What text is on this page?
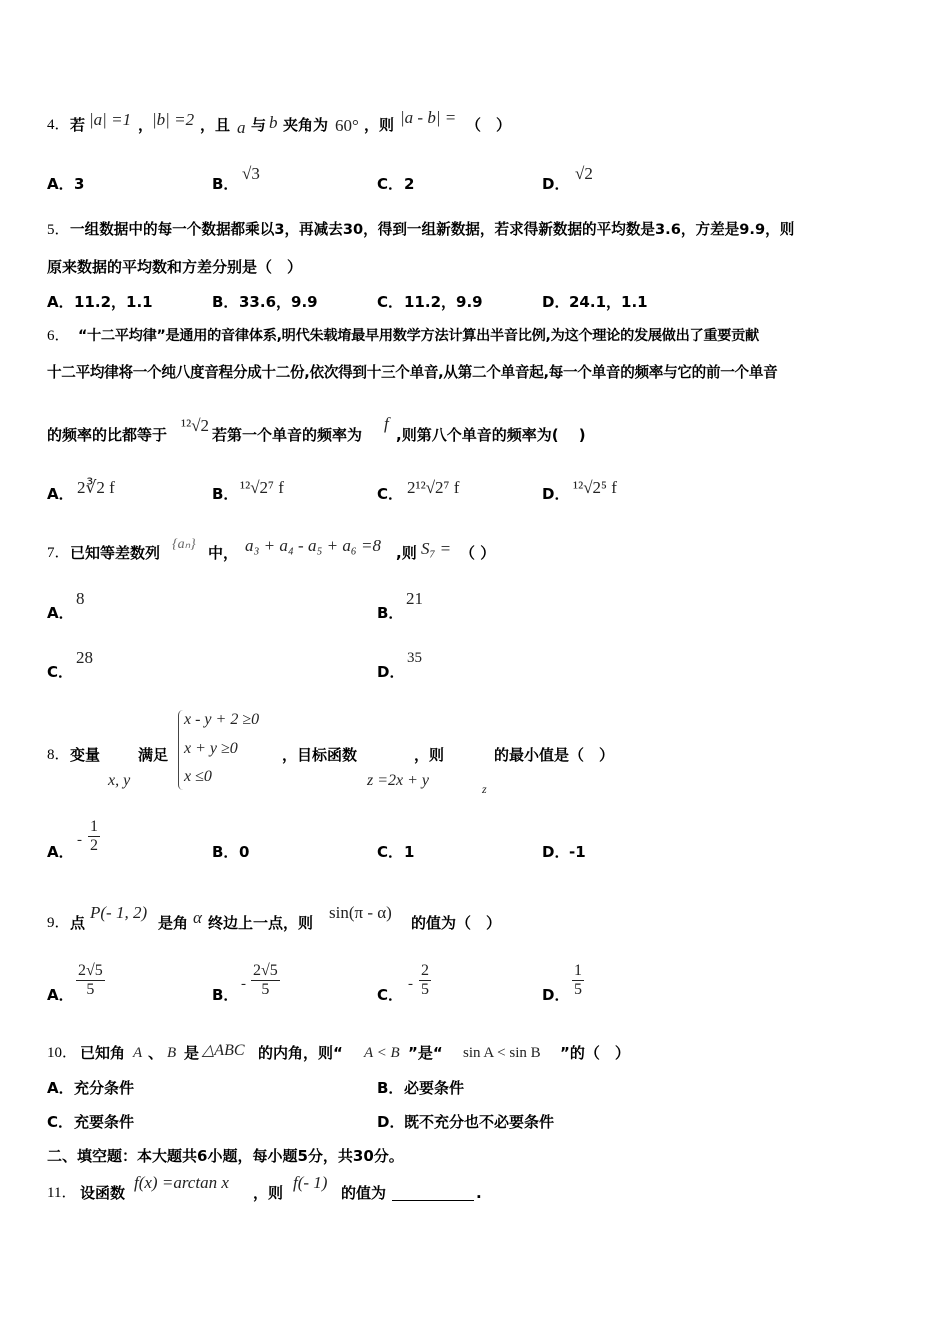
4． 若 |a| =1 ，
|b| =2 ，且 a 与 b 夹角为 60° ，则 |a - b| = （　）
A． 3	B．
√3
C． 2	D．
√2
5． 一组数据中的每一个数据都乘以3，再减去30，得到一组新数据，若求得新数据的平均数是3.6，方差是9.9，则
原来数据的平均数和方差分别是（　）
A． 11.2，1.1	B． 33.6，9.9	C． 11.2，9.9	D． 24.1，1.1
6． “十二平均律”是通用的音律体系,明代朱载堉最早用数学方法计算出半音比例,为这个理论的发展做出了重要贡献
十二平均律将一个纯八度音程分成十二份,依次得到十三个单音,从第二个单音起,每一个单音的频率与它的前一个单音
的频率的比都等于 ¹²√2 若第一个单音的频率为
f
,则第八个单音的频率为(　 )
A． 2∛2 f	B． ¹²√2⁷ f	C． 2¹²√2⁷ f	D． ¹²√2⁵ f
7． 已知等差数列 {aₙ} 中， a₃ + a₄ - a₅ + a₆ =8 ,则 S₇ = （ ）
A．
8
B．
21
C．
28
D．
35
8． 变量
x, y
满足
x - y + 2 ≥0
x + y ≥0
x ≤0
，目标函数
z =2x + y
，则
z
的最小值是（　）
A．
- $\frac{1}{2}$	B． 0	C． 1	D． -1
9． 点
P(- 1, 2)
是角 α 终边上一点，则
sin(π - α)
的值为（　）
A． $\frac{2√5}{5}$	B．
- $\frac{2√5}{5}$	C．
- $\frac{2}{5}$	D． $\frac{1}{5}$
10． 已知角 A 、 B 是 △ABC 的内角，则“ A < B ”是“ sin A < sin B ”的（　）
A． 充分条件	B． 必要条件
C． 充要条件	D． 既不充分也不必要条件
二、填空题：本大题共6小题，每小题5分，共30分。
11． 设函数
f(x) =arctan x
，则
f(- 1)
的值为	.
